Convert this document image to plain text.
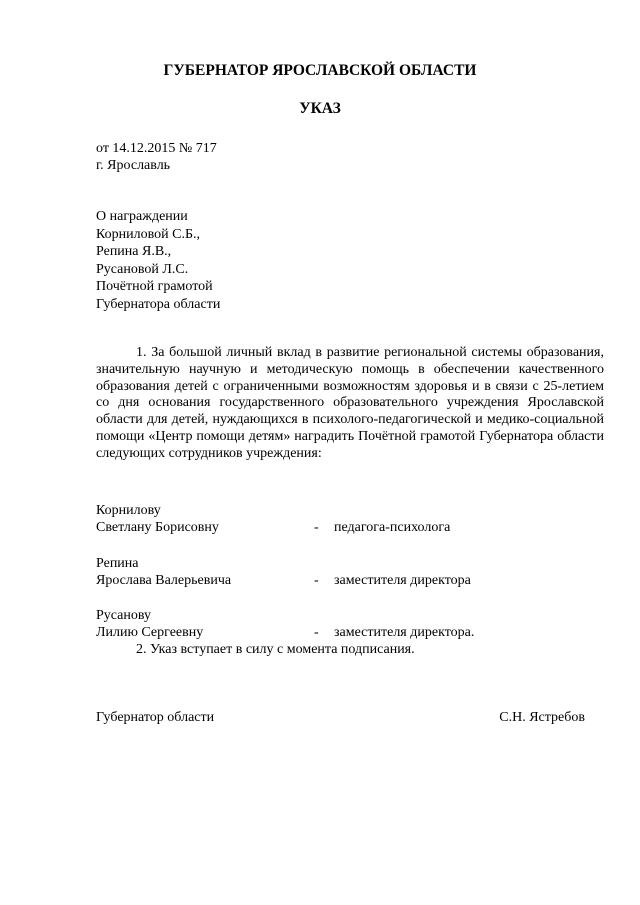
ГУБЕРНАТОР ЯРОСЛАВСКОЙ ОБЛАСТИ
УКАЗ
от 14.12.2015 № 717
г. Ярославль
О награждении
Корниловой С.Б.,
Репина Я.В.,
Русановой Л.С.
Почётной грамотой
Губернатора области

1. За большой личный вклад в развитие региональной системы образования, значительную научную и методическую помощь в обеспечении качественного образования детей с ограниченными возможностям здоровья и в связи с 25-летием со дня основания государственного образовательного учреждения Ярославской области для детей, нуждающихся в психолого-педагогической и медико-социальной помощи «Центр помощи детям» наградить Почётной грамотой Губернатора области следующих сотрудников учреждения:

Корнилову
Светлану Борисовну	-	педагога-психолога
Репина
Ярослава Валерьевича	-	заместителя директора
Русанову
Лилию Сергеевну	-	заместителя директора.

2. Указ вступает в силу с момента подписания.

Губернатор области	С.Н. Ястребов
